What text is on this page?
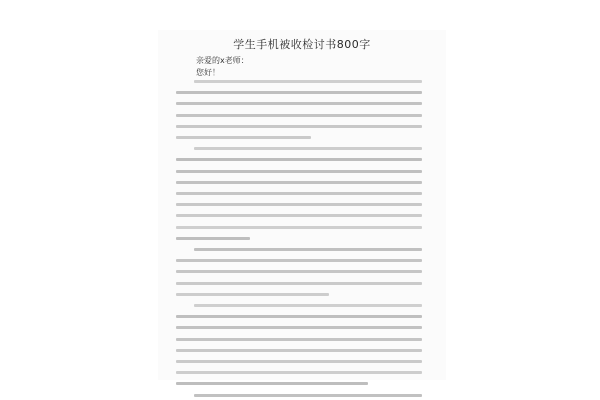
学生手机被收检讨书800字
亲爱的x老师：
您好！
